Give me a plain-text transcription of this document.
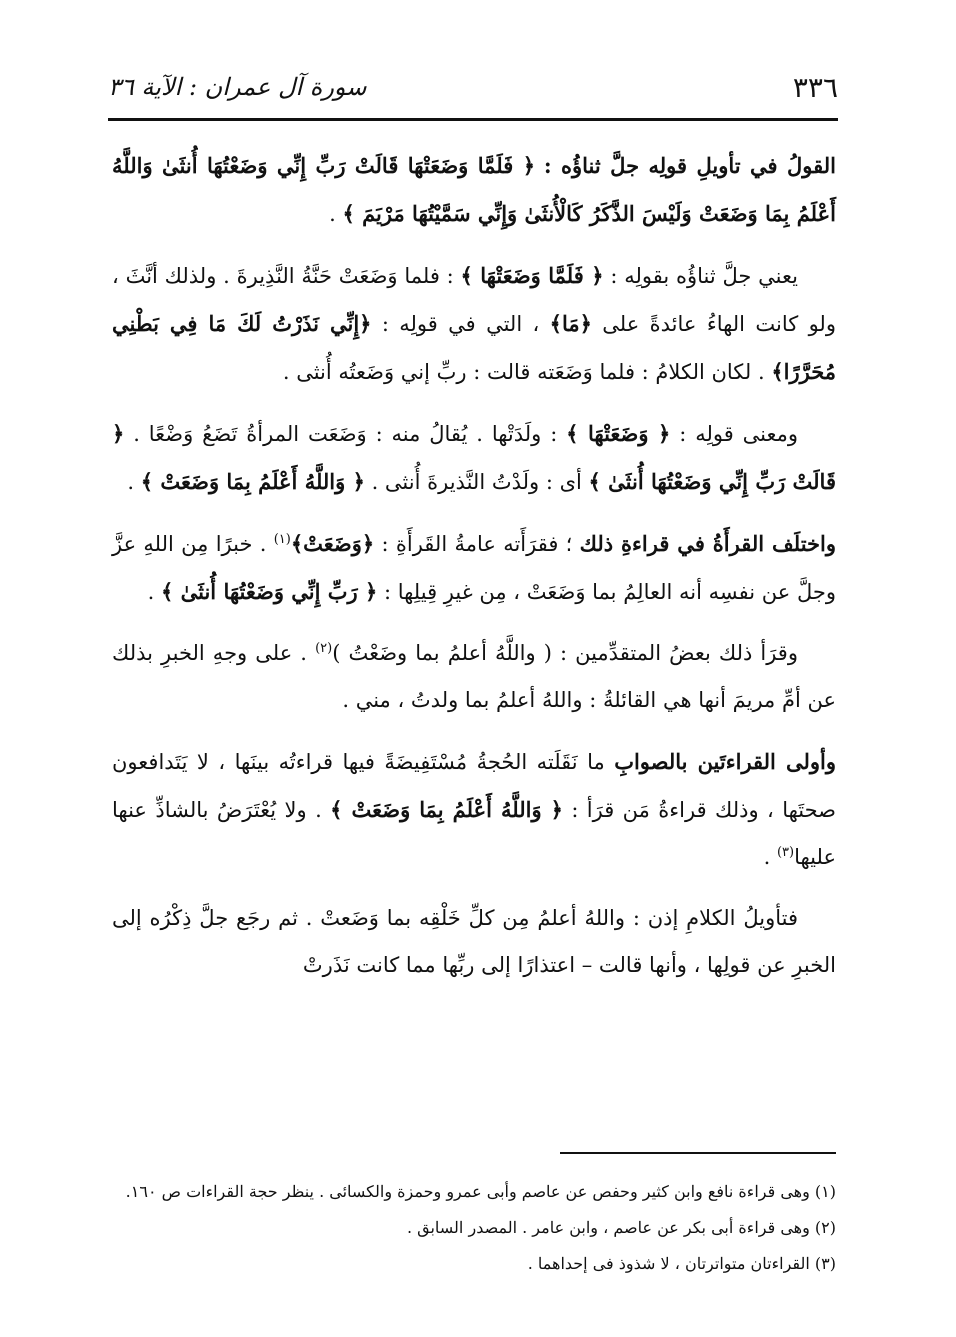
٣٣٦
سورة آل عمران : الآية ٣٦

القولُ في تأويلِ قولِه جلَّ ثناؤُه : ﴿ فَلَمَّا وَضَعَتْهَا قَالَتْ رَبِّ إِنِّي وَضَعْتُهَا أُنثَىٰ وَاللَّهُ أَعْلَمُ بِمَا وَضَعَتْ وَلَيْسَ الذَّكَرُ كَالْأُنثَىٰ وَإِنِّي سَمَّيْتُهَا مَرْيَمَ ﴾ .

يعني جلَّ ثناؤُه بقولِه : ﴿ فَلَمَّا وَضَعَتْهَا ﴾ : فلما وَضَعَتْ حَنَّةُ النَّذِيرةَ . ولذلك أنَّثَ ، ولو كانت الهاءُ عائدةً على ﴿مَا﴾ ، التي في قولِه : ﴿إِنِّي نَذَرْتُ لَكَ مَا فِي بَطْنِي مُحَرَّرًا﴾ . لكان الكلامُ : فلما وَضَعَته قالت : ربِّ إني وَضَعتُه أُنثى .

ومعنى قولِه : ﴿ وَضَعَتْهَا ﴾ : ولَدَتْها . يُقالُ منه : وَضَعَت المرأةُ تَضَعُ وَضْعًا . ﴿ قَالَتْ رَبِّ إِنِّي وَضَعْتُهَا أُنثَىٰ ﴾ أى : ولَدْتُ النَّذيرةَ أُنثى . ﴿ وَاللَّهُ أَعْلَمُ بِمَا وَضَعَتْ ﴾ .

واختلَف القرأَةُ في قراءةِ ذلك ؛ فقرَأَته عامةُ القَرأَةِ : ﴿وَضَعَتْ﴾$^{(١)}$ . خبرًا مِن اللهِ عزَّ وجلَّ عن نفسِه أنه العالِمُ بما وَضَعَتْ ، مِن غيرِ قِيلِها : ﴿ رَبِّ إِنِّي وَضَعْتُهَا أُنثَىٰ ﴾ .

وقرَأ ذلك بعضُ المتقدِّمين : ( واللَّهُ أعلمُ بما وضَعْتُ )$^{(٢)}$ . على وجهِ الخبرِ بذلك عن أمِّ مريمَ أنها هي القائلةُ : واللهُ أعلمُ بما ولدتُ ، مني .

وأولى القراءتَين بالصوابِ ما نَقَلَته الحُجةُ مُسْتَفِيضَةً فيها قراءتُه بينَها ، لا يَتَدافعون صحتَها ، وذلك قراءةُ مَن قرَأ : ﴿ وَاللَّهُ أَعْلَمُ بِمَا وَضَعَتْ ﴾ . ولا يُعْتَرَضُ بالشاذِّ عنها عليها$^{(٣)}$ .

فتأويلُ الكلامِ إذن : واللهُ أعلمُ مِن كلِّ خَلْقِه بما وَضَعتْ . ثم رجَع جلَّ ذِكْرُه إلى الخبرِ عن قولِها ، وأنها قالت – اعتذارًا إلى ربِّها مما كانت نَذَرتْ

(١) وهى قراءة نافع وابن كثير وحفص عن عاصم وأبى عمرو وحمزة والكسائى . ينظر حجة القراءات ص ١٦٠.

(٢) وهى قراءة أبى بكر عن عاصم ، وابن عامر . المصدر السابق .

(٣) القراءتان متواترتان ، لا شذوذ فى إحداهما .
